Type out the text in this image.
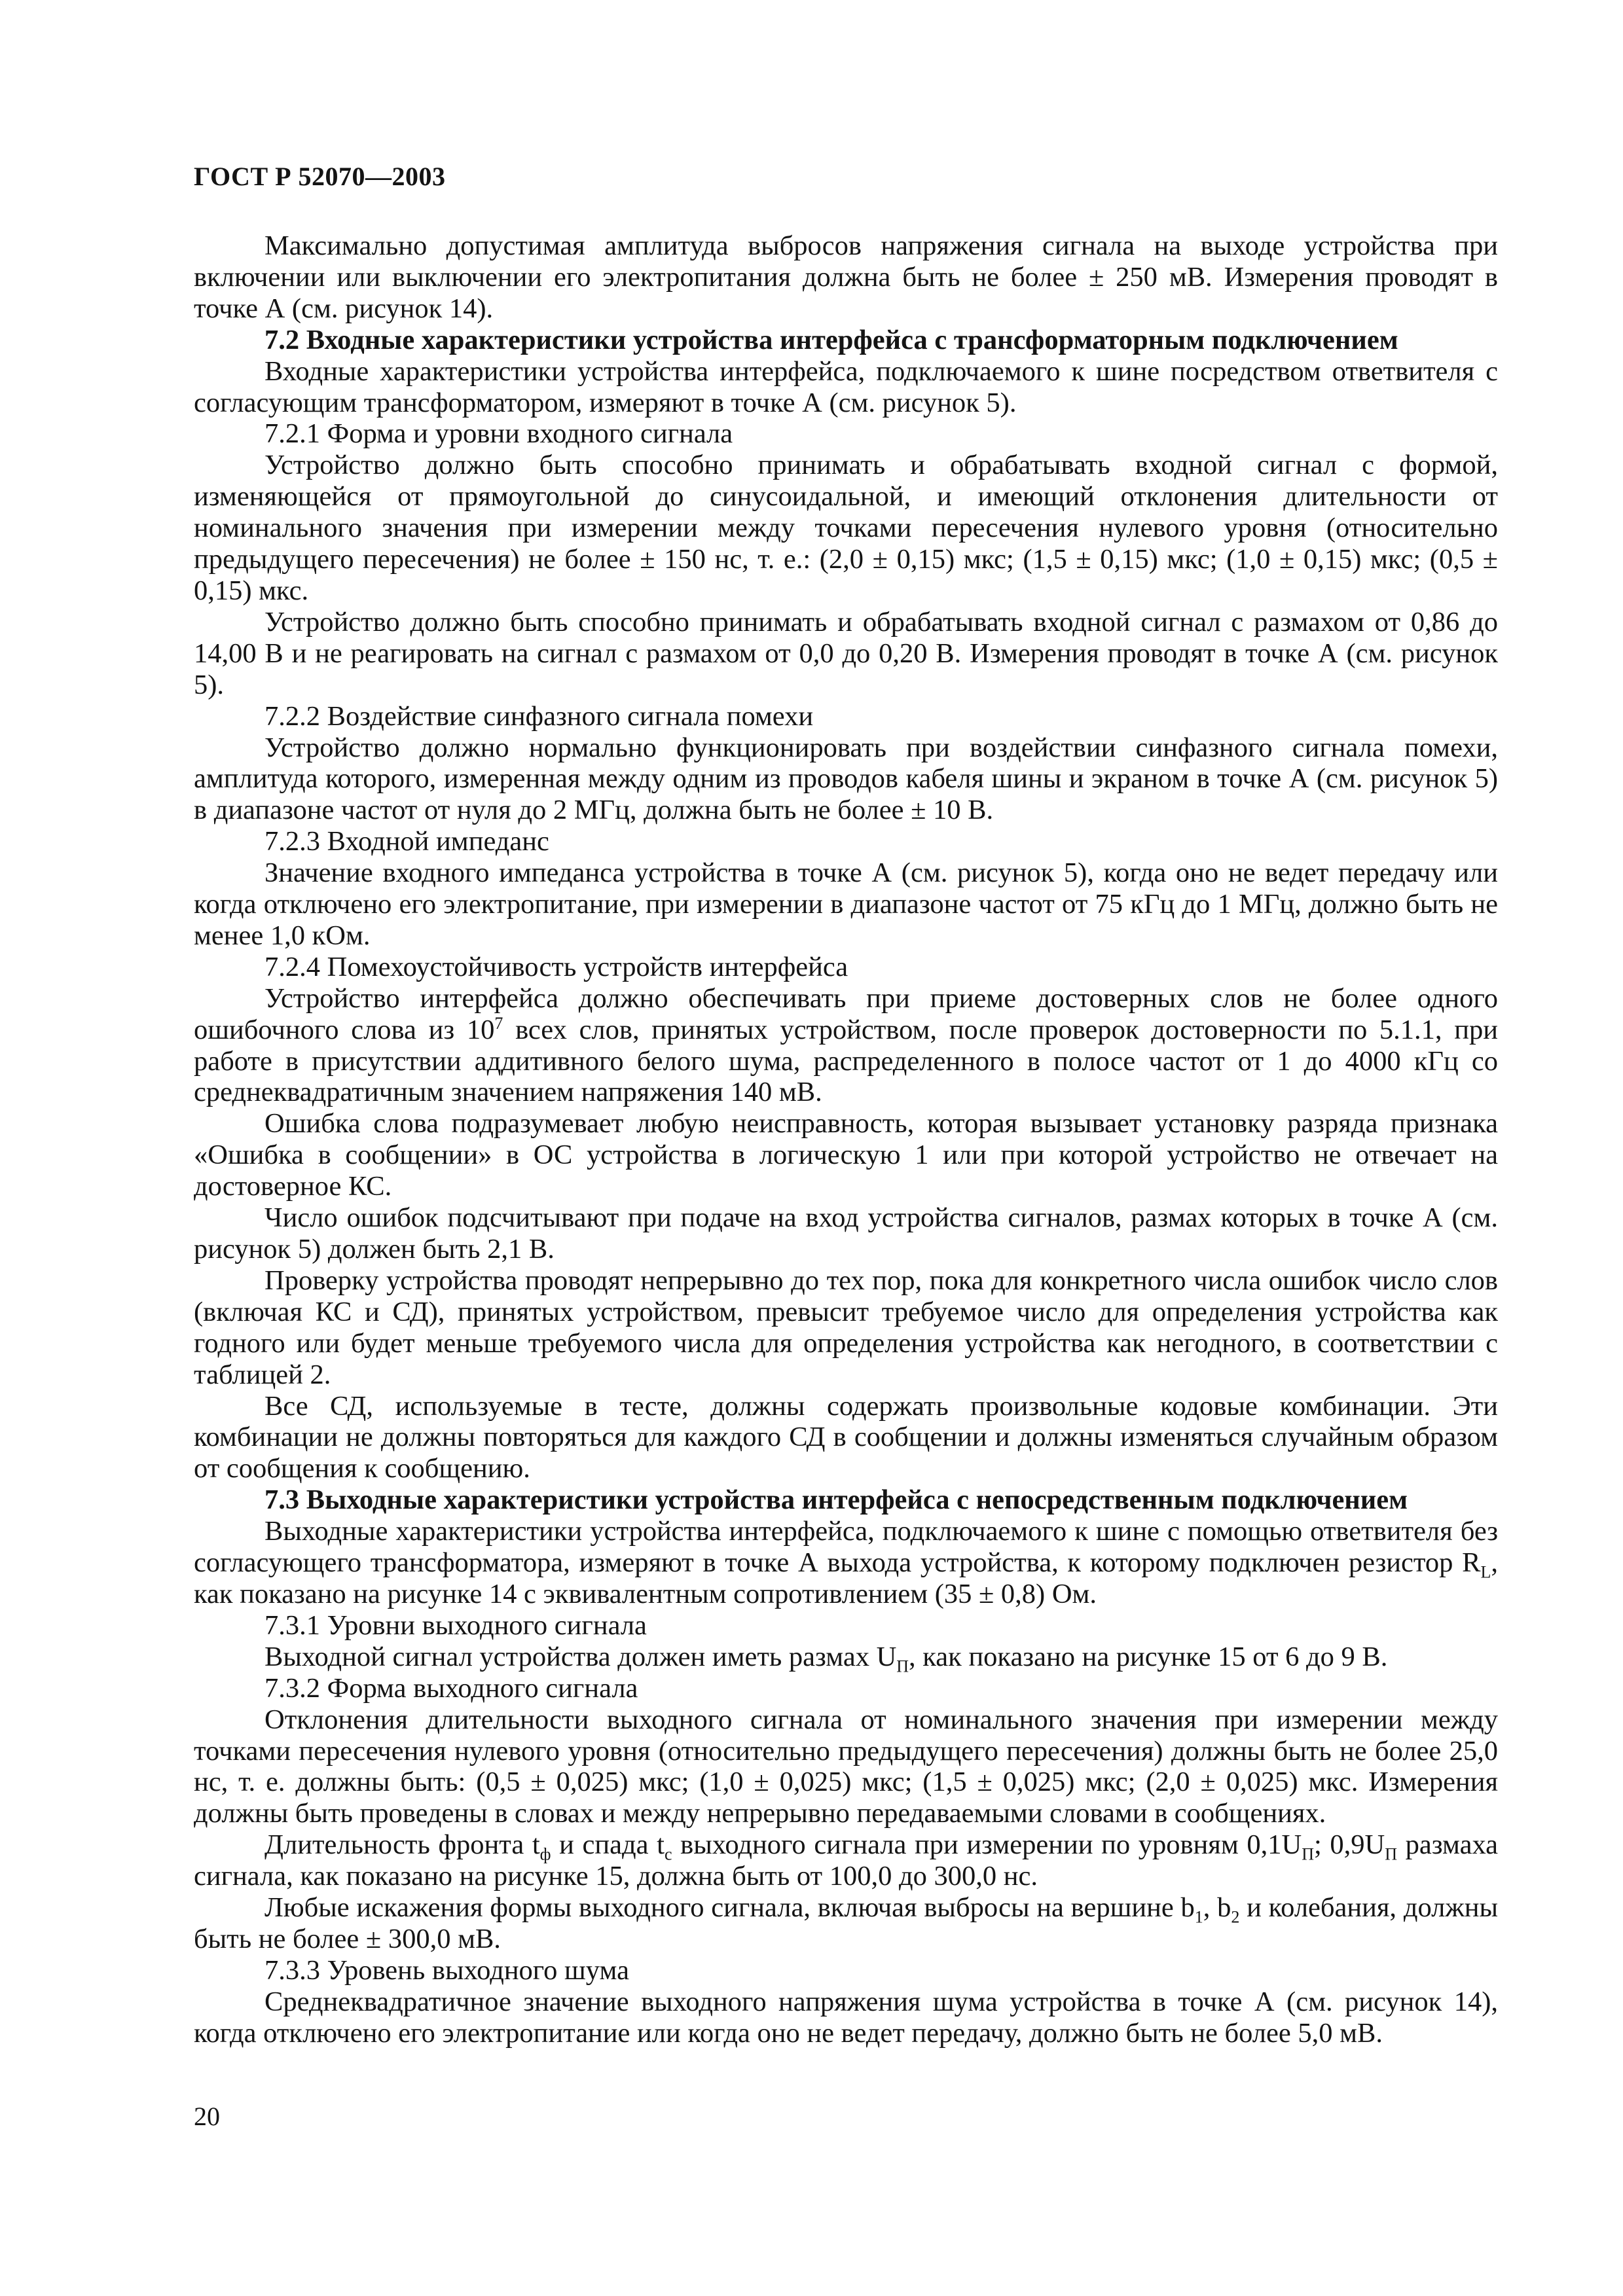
ГОСТ Р 52070—2003

Максимально допустимая амплитуда выбросов напряжения сигнала на выходе устройства при включении или выключении его электропитания должна быть не более ± 250 мВ. Измерения проводят в точке А (см. рисунок 14).

7.2 Входные характеристики устройства интерфейса с трансформаторным подключением

Входные характеристики устройства интерфейса, подключаемого к шине посредством ответвителя с согласующим трансформатором, измеряют в точке А (см. рисунок 5).

7.2.1 Форма и уровни входного сигнала

Устройство должно быть способно принимать и обрабатывать входной сигнал с формой, изменяющейся от прямоугольной до синусоидальной, и имеющий отклонения длительности от номинального значения при измерении между точками пересечения нулевого уровня (относительно предыдущего пересечения) не более ± 150 нс, т. е.: (2,0 ± 0,15) мкс; (1,5 ± 0,15) мкс; (1,0 ± 0,15) мкс; (0,5 ± 0,15) мкс.

Устройство должно быть способно принимать и обрабатывать входной сигнал с размахом от 0,86 до 14,00 В и не реагировать на сигнал с размахом от 0,0 до 0,20 В. Измерения проводят в точке А (см. рисунок 5).

7.2.2 Воздействие синфазного сигнала помехи

Устройство должно нормально функционировать при воздействии синфазного сигнала помехи, амплитуда которого, измеренная между одним из проводов кабеля шины и экраном в точке А (см. рисунок 5) в диапазоне частот от нуля до 2 МГц, должна быть не более ± 10 В.

7.2.3 Входной импеданс

Значение входного импеданса устройства в точке А (см. рисунок 5), когда оно не ведет передачу или когда отключено его электропитание, при измерении в диапазоне частот от 75 кГц до 1 МГц, должно быть не менее 1,0 кОм.

7.2.4 Помехоустойчивость устройств интерфейса

Устройство интерфейса должно обеспечивать при приеме достоверных слов не более одного ошибочного слова из $10^7$ всех слов, принятых устройством, после проверок достоверности по 5.1.1, при работе в присутствии аддитивного белого шума, распределенного в полосе частот от 1 до 4000 кГц со среднеквадратичным значением напряжения 140 мВ.

Ошибка слова подразумевает любую неисправность, которая вызывает установку разряда признака «Ошибка в сообщении» в ОС устройства в логическую 1 или при которой устройство не отвечает на достоверное КС.

Число ошибок подсчитывают при подаче на вход устройства сигналов, размах которых в точке А (см. рисунок 5) должен быть 2,1 В.

Проверку устройства проводят непрерывно до тех пор, пока для конкретного числа ошибок число слов (включая КС и СД), принятых устройством, превысит требуемое число для определения устройства как годного или будет меньше требуемого числа для определения устройства как негодного, в соответствии с таблицей 2.

Все СД, используемые в тесте, должны содержать произвольные кодовые комбинации. Эти комбинации не должны повторяться для каждого СД в сообщении и должны изменяться случайным образом от сообщения к сообщению.

7.3 Выходные характеристики устройства интерфейса с непосредственным подключением

Выходные характеристики устройства интерфейса, подключаемого к шине с помощью ответвителя без согласующего трансформатора, измеряют в точке А выхода устройства, к которому подключен резистор $R_L$, как показано на рисунке 14 с эквивалентным сопротивлением (35 ± 0,8) Ом.

7.3.1 Уровни выходного сигнала

Выходной сигнал устройства должен иметь размах $U_П$, как показано на рисунке 15 от 6 до 9 В.

7.3.2 Форма выходного сигнала

Отклонения длительности выходного сигнала от номинального значения при измерении между точками пересечения нулевого уровня (относительно предыдущего пересечения) должны быть не более 25,0 нс, т. е. должны быть: (0,5 ± 0,025) мкс; (1,0 ± 0,025) мкс; (1,5 ± 0,025) мкс; (2,0 ± 0,025) мкс. Измерения должны быть проведены в словах и между непрерывно передаваемыми словами в сообщениях.

Длительность фронта $t_ф$ и спада $t_с$ выходного сигнала при измерении по уровням $0,1U_П$; $0,9U_П$ размаха сигнала, как показано на рисунке 15, должна быть от 100,0 до 300,0 нс.

Любые искажения формы выходного сигнала, включая выбросы на вершине $b_1$, $b_2$ и колебания, должны быть не более ± 300,0 мВ.

7.3.3 Уровень выходного шума

Среднеквадратичное значение выходного напряжения шума устройства в точке А (см. рисунок 14), когда отключено его электропитание или когда оно не ведет передачу, должно быть не более 5,0 мВ.

20
